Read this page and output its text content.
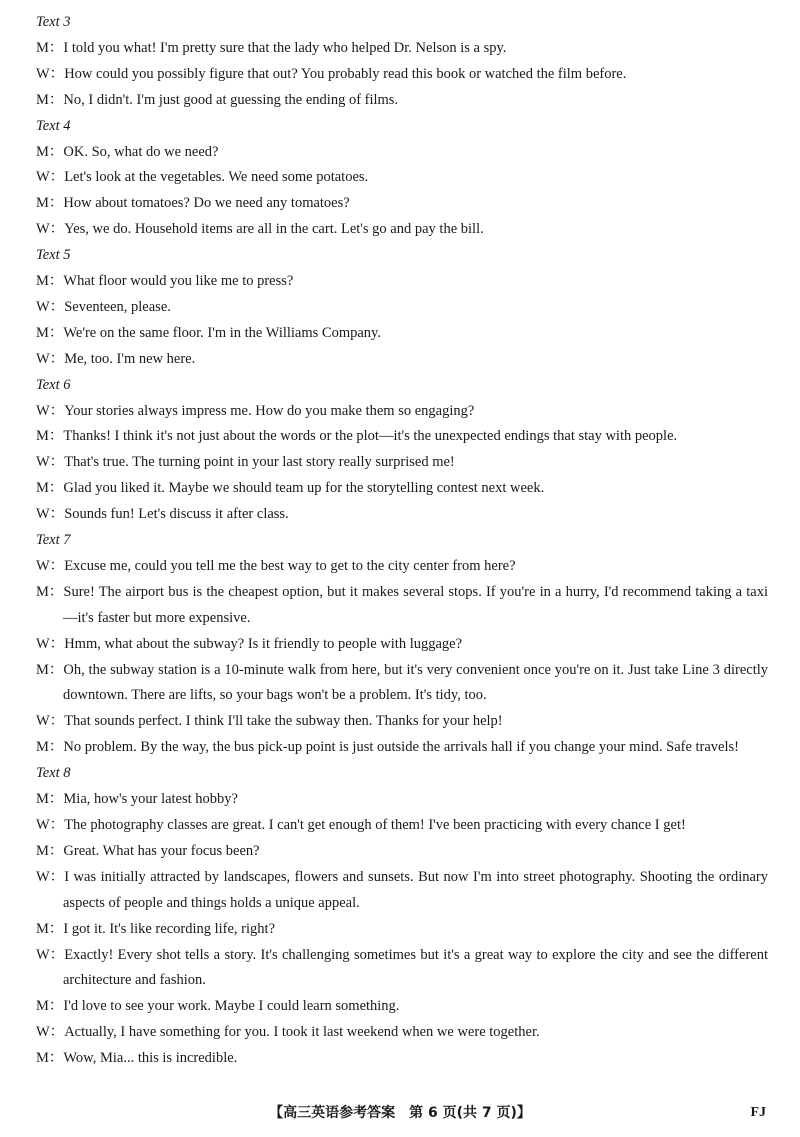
Text 3
M：I told you what! I'm pretty sure that the lady who helped Dr. Nelson is a spy.
W：How could you possibly figure that out? You probably read this book or watched the film before.
M：No, I didn't. I'm just good at guessing the ending of films.
Text 4
M：OK. So, what do we need?
W：Let's look at the vegetables. We need some potatoes.
M：How about tomatoes? Do we need any tomatoes?
W：Yes, we do. Household items are all in the cart. Let's go and pay the bill.
Text 5
M：What floor would you like me to press?
W：Seventeen, please.
M：We're on the same floor. I'm in the Williams Company.
W：Me, too. I'm new here.
Text 6
W：Your stories always impress me. How do you make them so engaging?
M：Thanks! I think it's not just about the words or the plot—it's the unexpected endings that stay with people.
W：That's true. The turning point in your last story really surprised me!
M：Glad you liked it. Maybe we should team up for the storytelling contest next week.
W：Sounds fun! Let's discuss it after class.
Text 7
W：Excuse me, could you tell me the best way to get to the city center from here?
M：Sure! The airport bus is the cheapest option, but it makes several stops. If you're in a hurry, I'd recommend taking a taxi—it's faster but more expensive.
W：Hmm, what about the subway? Is it friendly to people with luggage?
M：Oh, the subway station is a 10-minute walk from here, but it's very convenient once you're on it. Just take Line 3 directly downtown. There are lifts, so your bags won't be a problem. It's tidy, too.
W：That sounds perfect. I think I'll take the subway then. Thanks for your help!
M：No problem. By the way, the bus pick-up point is just outside the arrivals hall if you change your mind. Safe travels!
Text 8
M：Mia, how's your latest hobby?
W：The photography classes are great. I can't get enough of them! I've been practicing with every chance I get!
M：Great. What has your focus been?
W：I was initially attracted by landscapes, flowers and sunsets. But now I'm into street photography. Shooting the ordinary aspects of people and things holds a unique appeal.
M：I got it. It's like recording life, right?
W：Exactly! Every shot tells a story. It's challenging sometimes but it's a great way to explore the city and see the different architecture and fashion.
M：I'd love to see your work. Maybe I could learn something.
W：Actually, I have something for you. I took it last weekend when we were together.
M：Wow, Mia... this is incredible.
【高三英语参考答案　第 6 页(共 7 页)】	FJ
